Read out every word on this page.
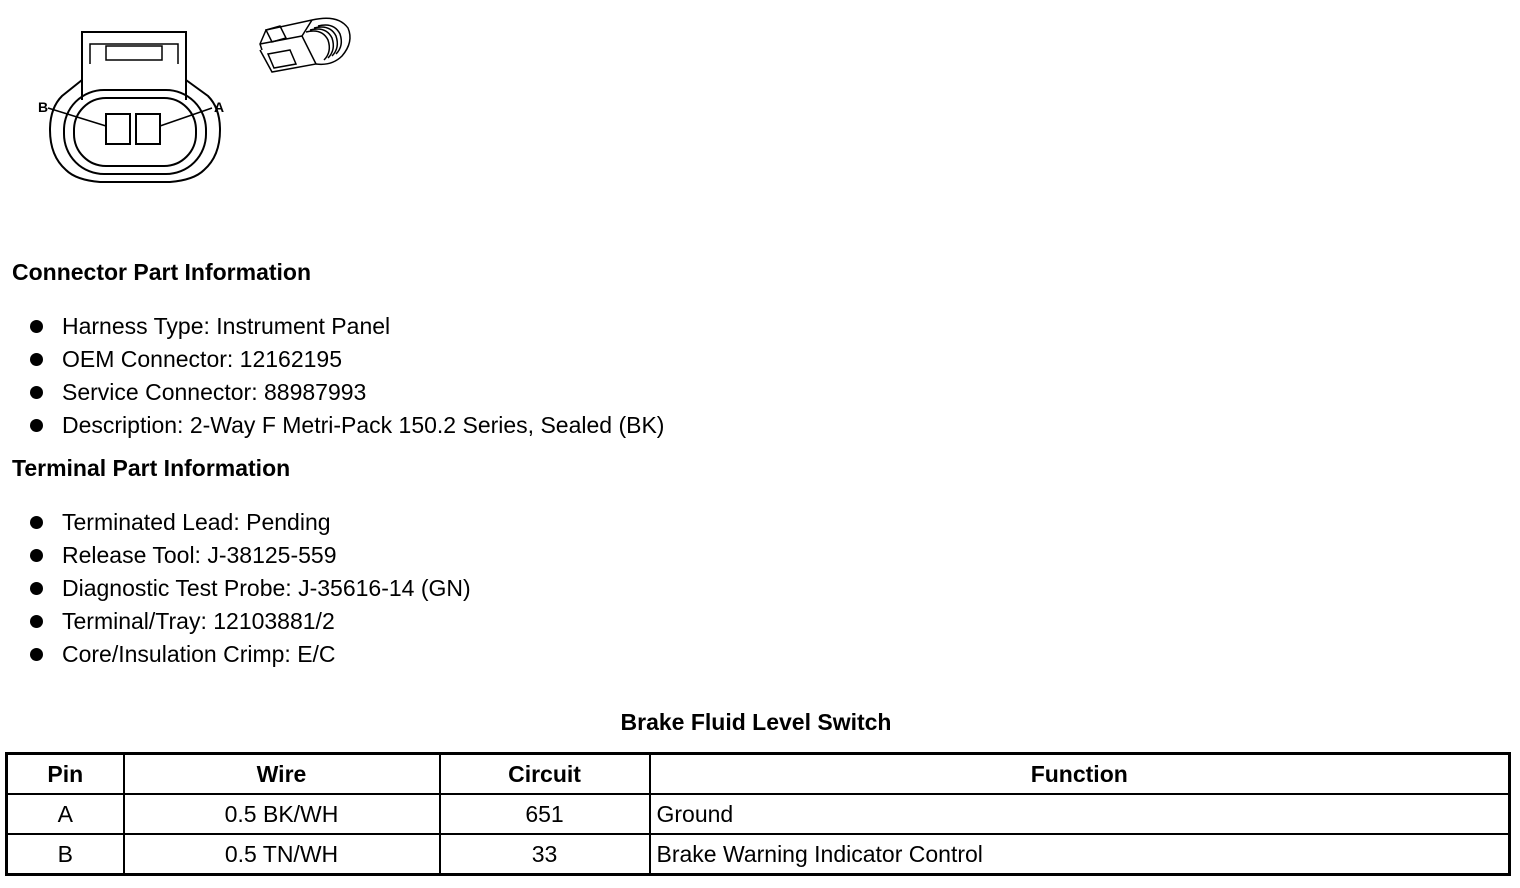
B	A
Connector Part Information
Harness Type: Instrument Panel
OEM Connector: 12162195
Service Connector: 88987993
Description: 2-Way F Metri-Pack 150.2 Series, Sealed (BK)
Terminal Part Information
Terminated Lead: Pending
Release Tool: J-38125-559
Diagnostic Test Probe: J-35616-14 (GN)
Terminal/Tray: 12103881/2
Core/Insulation Crimp: E/C
Brake Fluid Level Switch
Pin	Wire	Circuit	Function
A	0.5 BK/WH	651	Ground
B	0.5 TN/WH	33	Brake Warning Indicator Control
